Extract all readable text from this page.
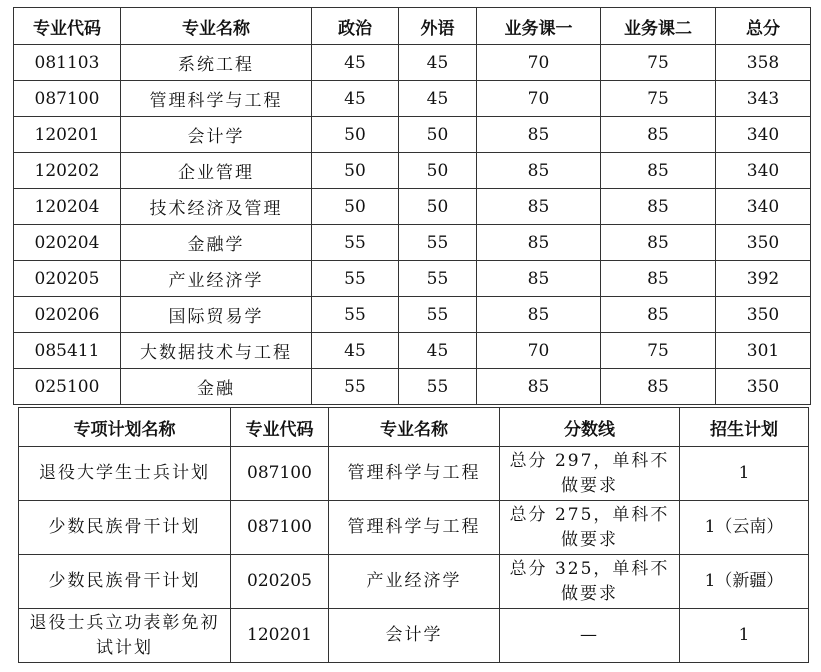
专业代码	专业名称	政治	外语	业务课一	业务课二	总分
081103	系统工程	45	45	70	75	358
087100	管理科学与工程	45	45	70	75	343
120201	会计学	50	50	85	85	340
120202	企业管理	50	50	85	85	340
120204	技术经济及管理	50	50	85	85	340
020204	金融学	55	55	85	85	350
020205	产业经济学	55	55	85	85	392
020206	国际贸易学	55	55	85	85	350
085411	大数据技术与工程	45	45	70	75	301
025100	金融	55	55	85	85	350
专项计划名称	专业代码	专业名称	分数线	招生计划
退役大学生士兵计划	087100	管理科学与工程	总分 297，单科不做要求	1
少数民族骨干计划	087100	管理科学与工程	总分 275，单科不做要求	1（云南）
少数民族骨干计划	020205	产业经济学	总分 325，单科不做要求	1（新疆）
退役士兵立功表彰免初试计划	120201	会计学	—	1
